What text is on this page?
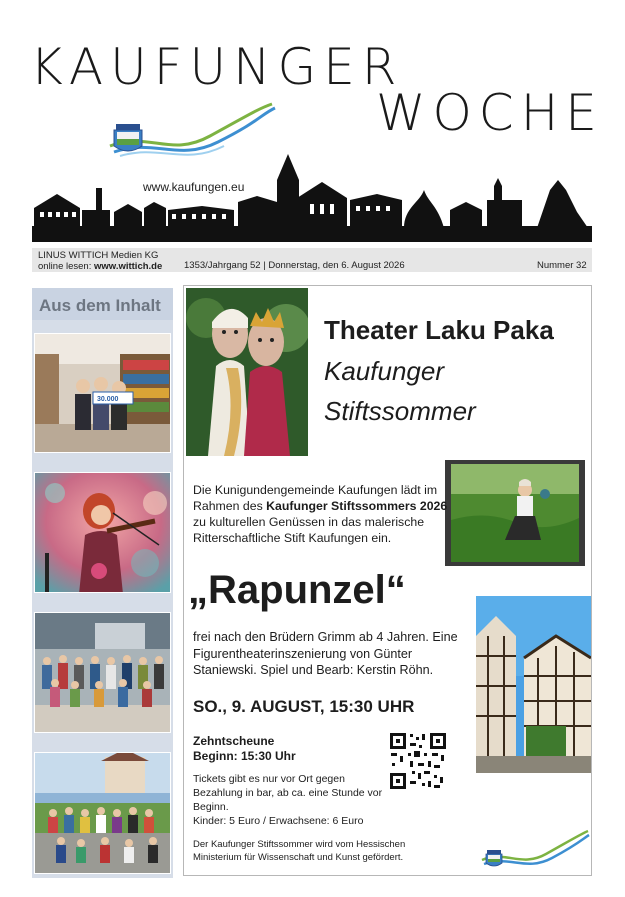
KAUFUNGER
WOCHE
www.kaufungen.eu
LINUS WITTICH Medien KG
online lesen: www.wittich.de 1353/Jahrgang 52 | Donnerstag, den 6. August 2026	Nummer 32
Aus dem Inhalt
30.000
Theater Laku Paka
Kaufunger
Stiftssommer
Die Kunigundengemeinde Kaufungen lädt im Rahmen des Kaufunger Stiftssommers 2026 zu kulturellen Genüssen in das malerische Ritterschaftliche Stift Kaufungen ein.
„Rapunzel“
frei nach den Brüdern Grimm ab 4 Jahren. Eine Figurentheaterinszenierung von Günter Staniewski. Spiel und Bearb: Kerstin Röhn.
SO., 9. AUGUST, 15:30 UHR
Zehntscheune
Beginn: 15:30 Uhr
Tickets gibt es nur vor Ort gegen Bezahlung in bar, ab ca. eine Stunde vor Beginn.
Kinder: 5 Euro / Erwachsene: 6 Euro
Der Kaufunger Stiftssommer wird vom Hessischen Ministerium für Wissenschaft und Kunst gefördert.
